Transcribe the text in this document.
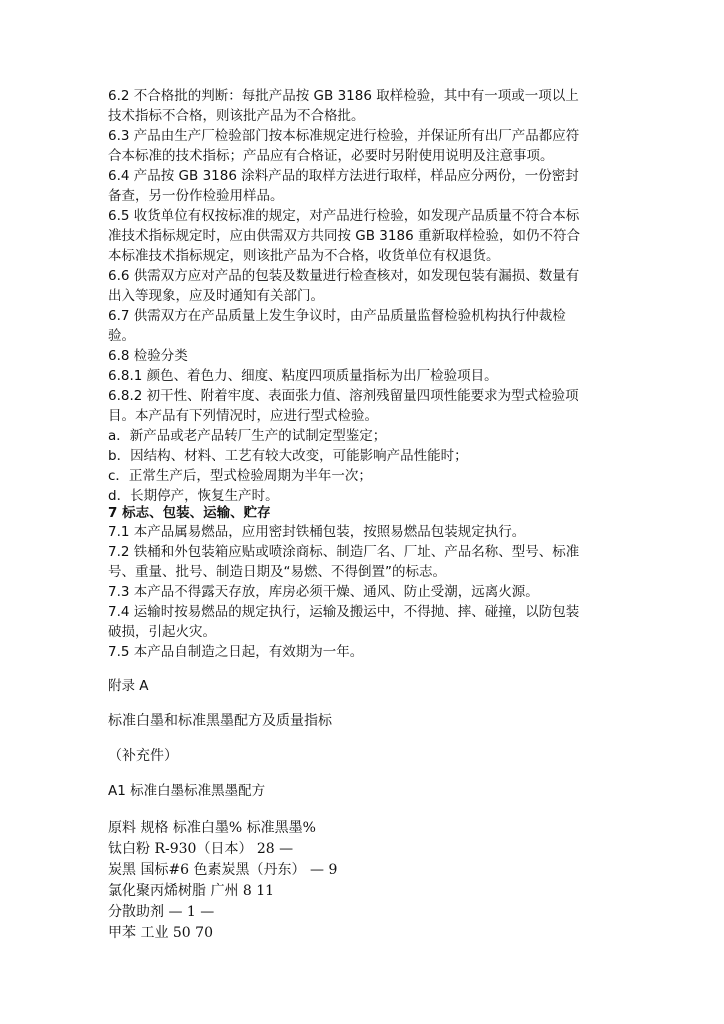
6.2 不合格批的判断：每批产品按 GB 3186 取样检验，其中有一项或一项以上
技术指标不合格，则该批产品为不合格批。
6.3 产品由生产厂检验部门按本标准规定进行检验，并保证所有出厂产品都应符
合本标准的技术指标；产品应有合格证，必要时另附使用说明及注意事项。
6.4 产品按 GB 3186 涂料产品的取样方法进行取样，样品应分两份，一份密封
备查，另一份作检验用样品。
6.5 收货单位有权按标准的规定，对产品进行检验，如发现产品质量不符合本标
准技术指标规定时，应由供需双方共同按 GB 3186 重新取样检验，如仍不符合
本标准技术指标规定，则该批产品为不合格，收货单位有权退货。
6.6 供需双方应对产品的包装及数量进行检查核对，如发现包装有漏损、数量有
出入等现象，应及时通知有关部门。
6.7 供需双方在产品质量上发生争议时，由产品质量监督检验机构执行仲裁检
验。
6.8 检验分类
6.8.1 颜色、着色力、细度、粘度四项质量指标为出厂检验项目。
6.8.2 初干性、附着牢度、表面张力值、溶剂残留量四项性能要求为型式检验项
目。本产品有下列情况时，应进行型式检验。
a．新产品或老产品转厂生产的试制定型鉴定；
b．因结构、材料、工艺有较大改变，可能影响产品性能时；
c．正常生产后，型式检验周期为半年一次；
d．长期停产，恢复生产时。
7 标志、包装、运输、贮存
7.1 本产品属易燃品，应用密封铁桶包装，按照易燃品包装规定执行。
7.2 铁桶和外包装箱应贴或喷涂商标、制造厂名、厂址、产品名称、型号、标准
号、重量、批号、制造日期及“易燃、不得倒置”的标志。
7.3 本产品不得露天存放，库房必须干燥、通风、防止受潮，远离火源。
7.4 运输时按易燃品的规定执行，运输及搬运中，不得抛、摔、碰撞，以防包装
破损，引起火灾。
7.5 本产品自制造之日起，有效期为一年。
附录 A
标准白墨和标准黑墨配方及质量指标
（补充件）
A1 标准白墨标准黑墨配方
原料 规格 标准白墨% 标准黑墨%
钛白粉 R-930（日本） 28 —
炭黑 国标#6 色素炭黑（丹东） — 9
氯化聚丙烯树脂 广州 8 11
分散助剂 — 1 —
甲苯 工业 50 70
